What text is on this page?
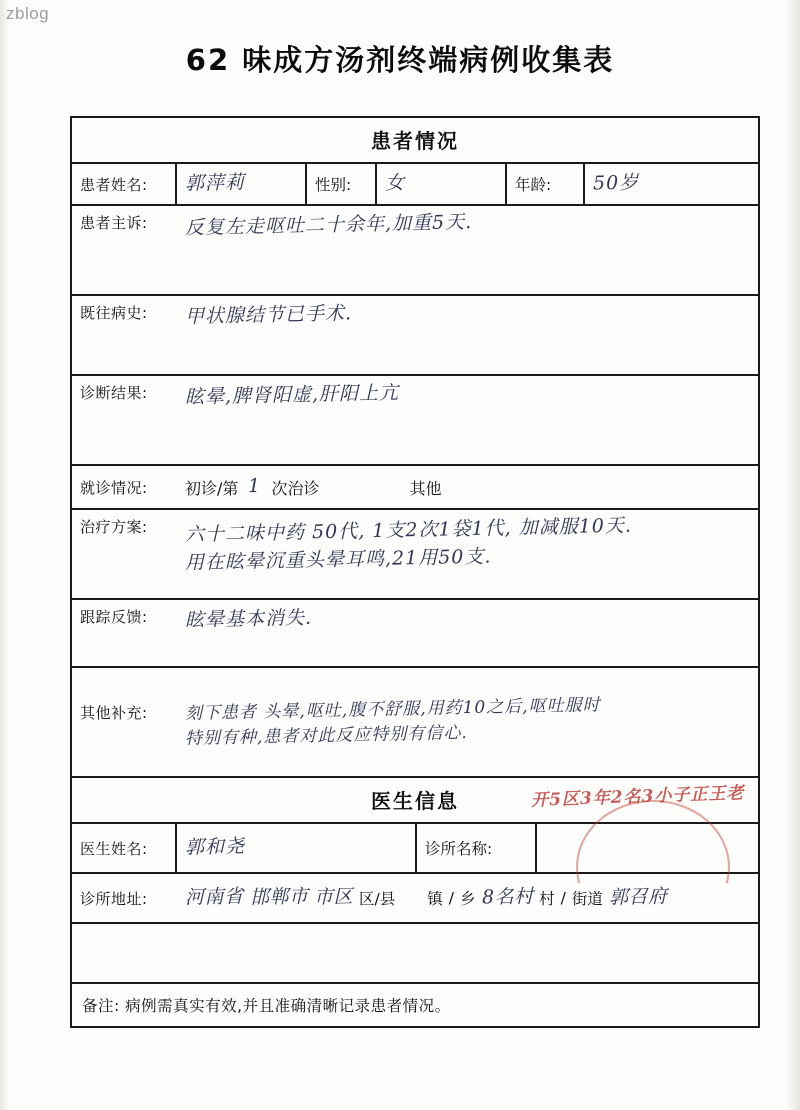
zblog
62 味成方汤剂终端病例收集表
患者情况
患者姓名:	郭萍莉	性别:	女	年龄:	50岁
患者主诉:	反复左走呕吐二十余年,加重5天.
既往病史:	甲状腺结节已手术.
诊断结果:	眩晕,脾肾阳虚,肝阳上亢
就诊情况:	初诊/第 1 次治诊	其他
治疗方案:	六十二味中药 50代, 1支2次1袋1代, 加减服10天.
用在眩晕沉重头晕耳鸣,21用50支.
跟踪反馈:	眩晕基本消失.
其他补充:	刻下患者 头晕,呕吐,腹不舒服,用药10之后,呕吐服时
特别有种,患者对此反应特别有信心.
医生信息	开5区3年2名3小子正王老
医生姓名:	郭和尧	诊所名称:
诊所地址:	河南省 邯郸市 市区 区/县 镇 / 乡 8名村 村 / 街道 郭召府
备注: 病例需真实有效,并且准确清晰记录患者情况。
